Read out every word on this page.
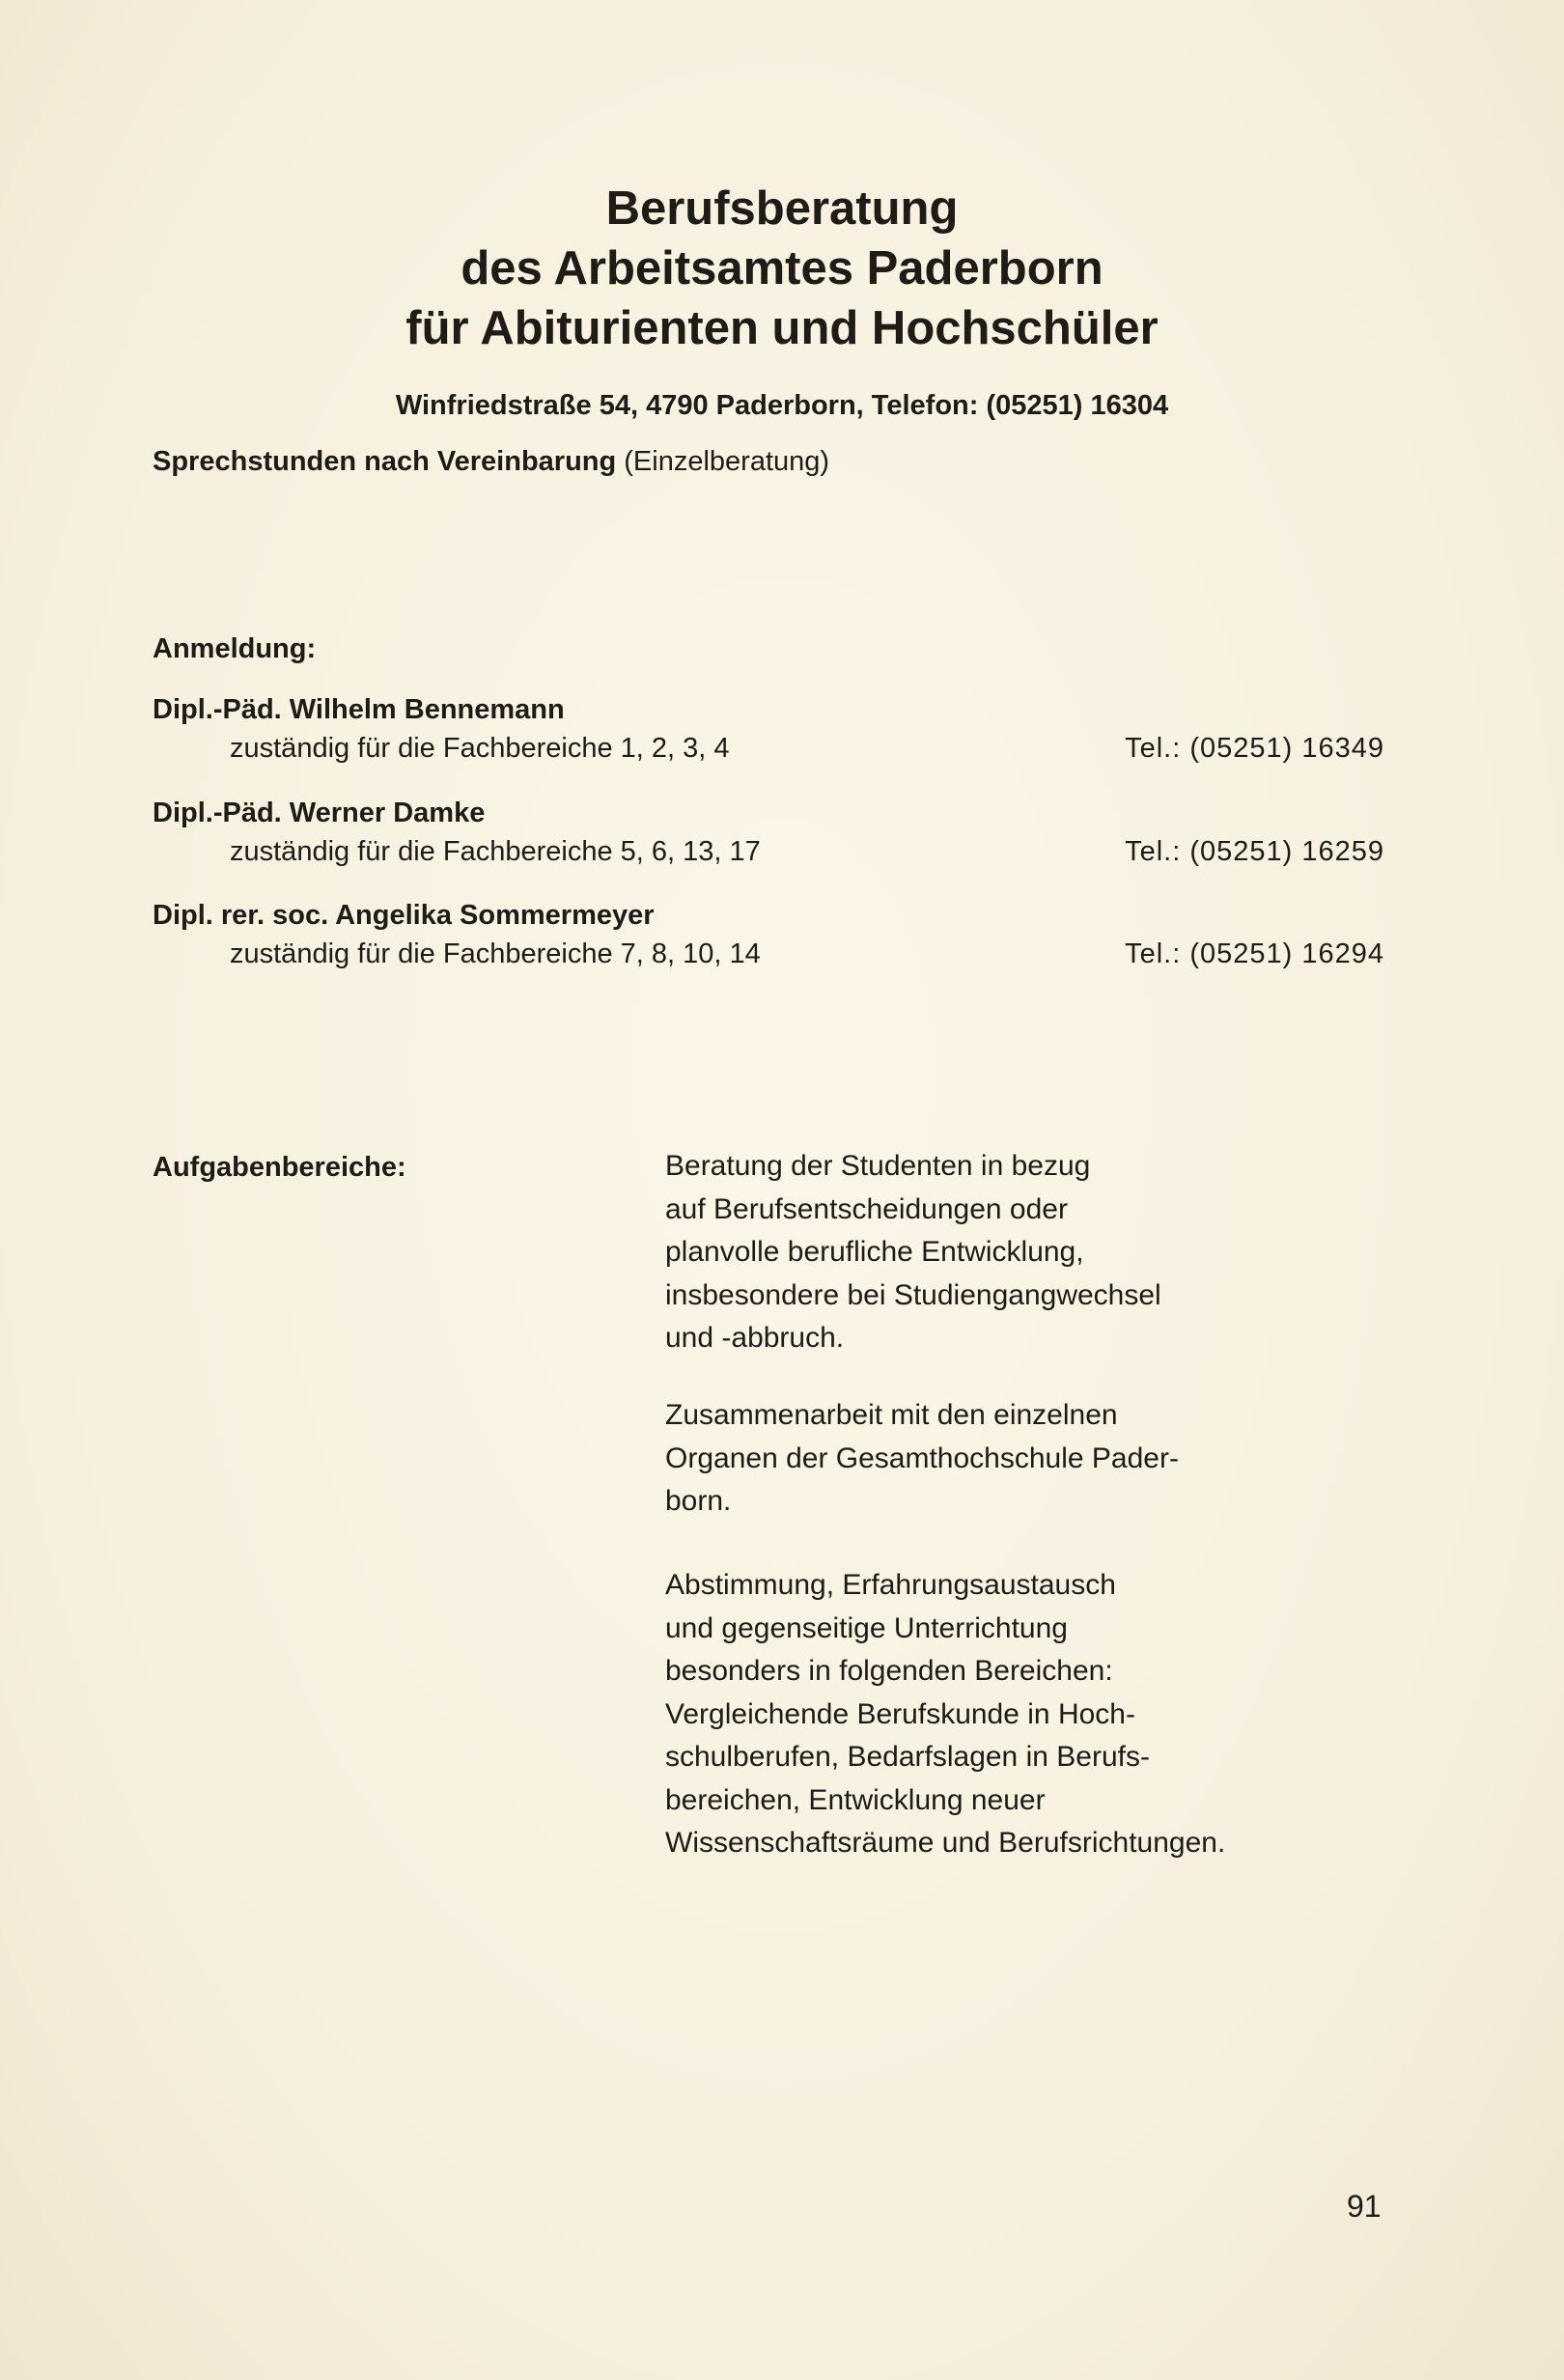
Berufsberatung
des Arbeitsamtes Paderborn
für Abiturienten und Hochschüler
Winfriedstraße 54, 4790 Paderborn, Telefon: (05251) 16304
Sprechstunden nach Vereinbarung (Einzelberatung)
Anmeldung:
Dipl.-Päd. Wilhelm Bennemann
zuständig für die Fachbereiche 1, 2, 3, 4	Tel.: (05251) 16349
Dipl.-Päd. Werner Damke
zuständig für die Fachbereiche 5, 6, 13, 17	Tel.: (05251) 16259
Dipl. rer. soc. Angelika Sommermeyer
zuständig für die Fachbereiche 7, 8, 10, 14	Tel.: (05251) 16294
Aufgabenbereiche:	Beratung der Studenten in bezug
auf Berufsentscheidungen oder
planvolle berufliche Entwicklung,
insbesondere bei Studiengangwechsel
und -abbruch.
Zusammenarbeit mit den einzelnen
Organen der Gesamthochschule Pader-
born.
Abstimmung, Erfahrungsaustausch
und gegenseitige Unterrichtung
besonders in folgenden Bereichen:
Vergleichende Berufskunde in Hoch-
schulberufen, Bedarfslagen in Berufs-
bereichen, Entwicklung neuer
Wissenschaftsräume und Berufsrichtungen.
91
